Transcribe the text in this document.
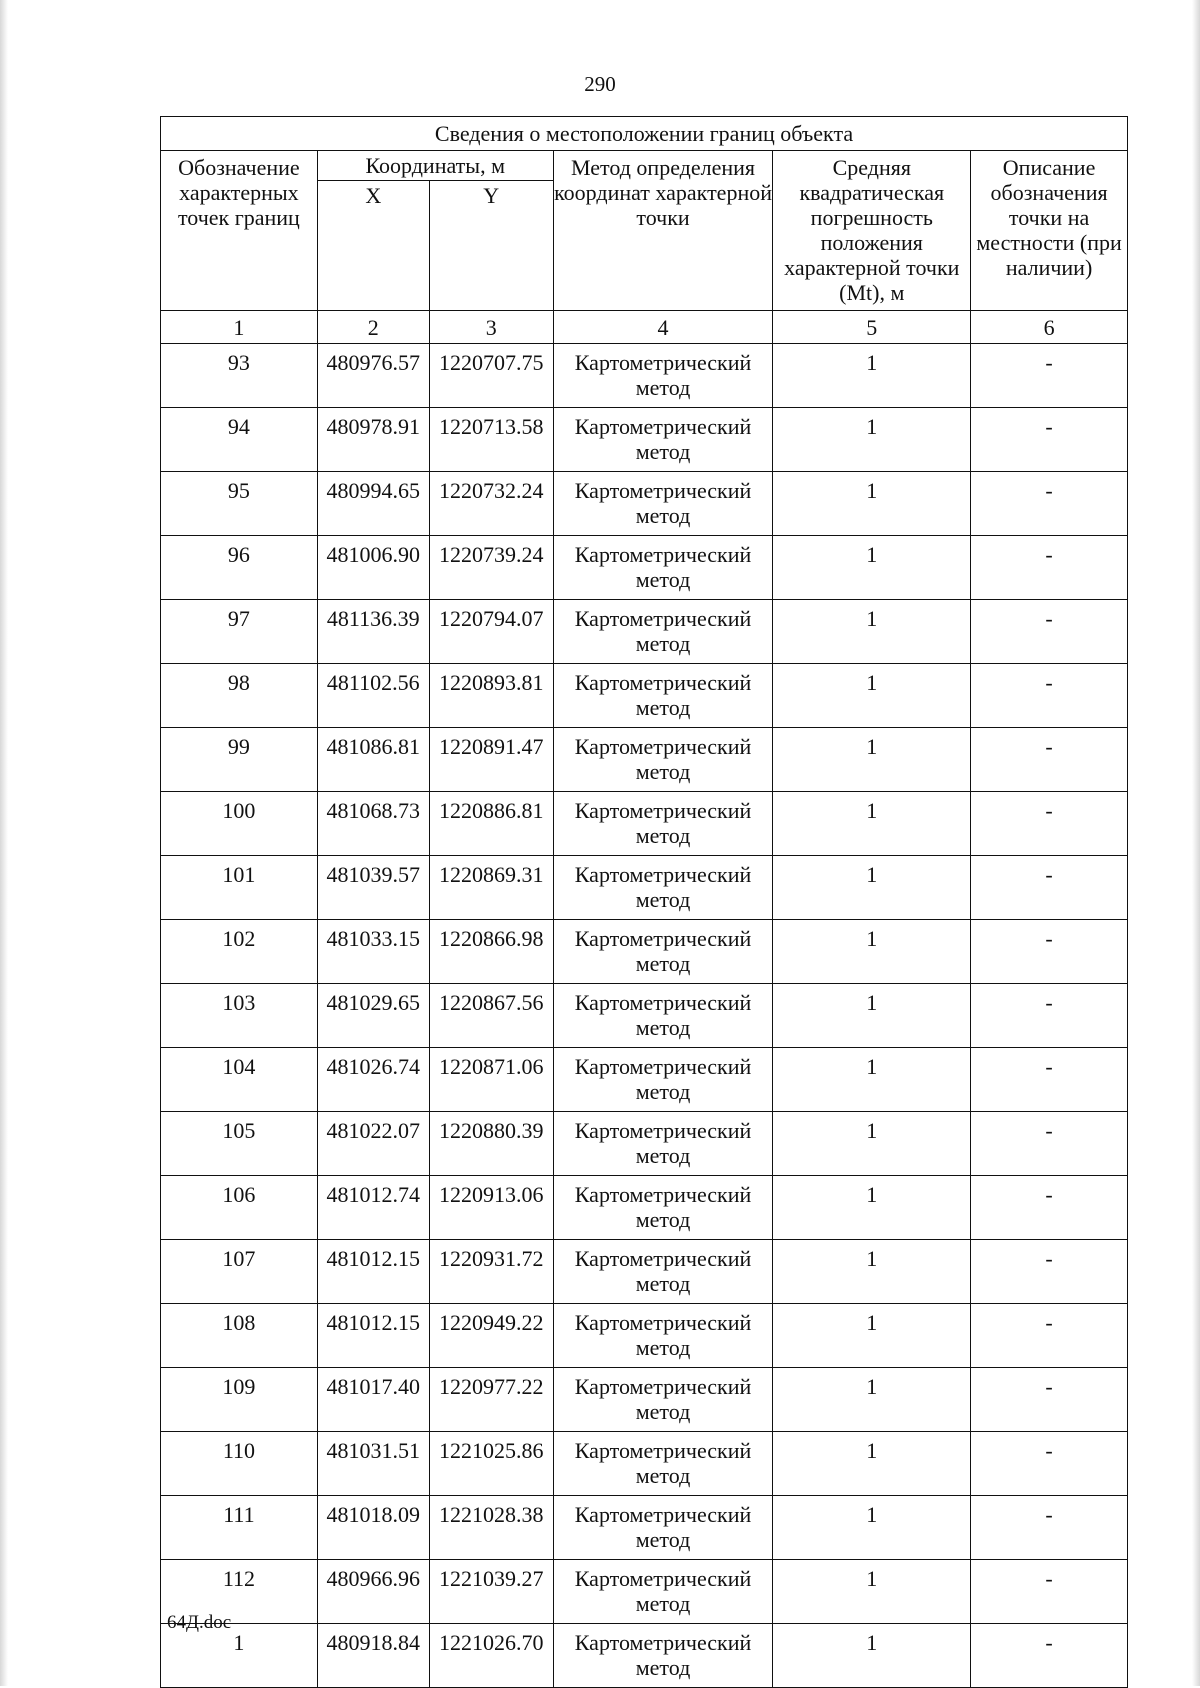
290
Сведения о местоположении границ объекта					
Обозначение характерных точек границ	Координаты, м		Метод определения координат характерной точки	Средняя квадратическая погрешность положения характерной точки (Mt), м	Описание обозначения точки на местности (при наличии)
	X	Y			
1	2	3	4	5	6
93	480976.57	1220707.75	Картометрический метод	1	-
94	480978.91	1220713.58	Картометрический метод	1	-
95	480994.65	1220732.24	Картометрический метод	1	-
96	481006.90	1220739.24	Картометрический метод	1	-
97	481136.39	1220794.07	Картометрический метод	1	-
98	481102.56	1220893.81	Картометрический метод	1	-
99	481086.81	1220891.47	Картометрический метод	1	-
100	481068.73	1220886.81	Картометрический метод	1	-
101	481039.57	1220869.31	Картометрический метод	1	-
102	481033.15	1220866.98	Картометрический метод	1	-
103	481029.65	1220867.56	Картометрический метод	1	-
104	481026.74	1220871.06	Картометрический метод	1	-
105	481022.07	1220880.39	Картометрический метод	1	-
106	481012.74	1220913.06	Картометрический метод	1	-
107	481012.15	1220931.72	Картометрический метод	1	-
108	481012.15	1220949.22	Картометрический метод	1	-
109	481017.40	1220977.22	Картометрический метод	1	-
110	481031.51	1221025.86	Картометрический метод	1	-
111	481018.09	1221028.38	Картометрический метод	1	-
112	480966.96	1221039.27	Картометрический метод	1	-
1	480918.84	1221026.70	Картометрический метод	1	-
64Д.doc
